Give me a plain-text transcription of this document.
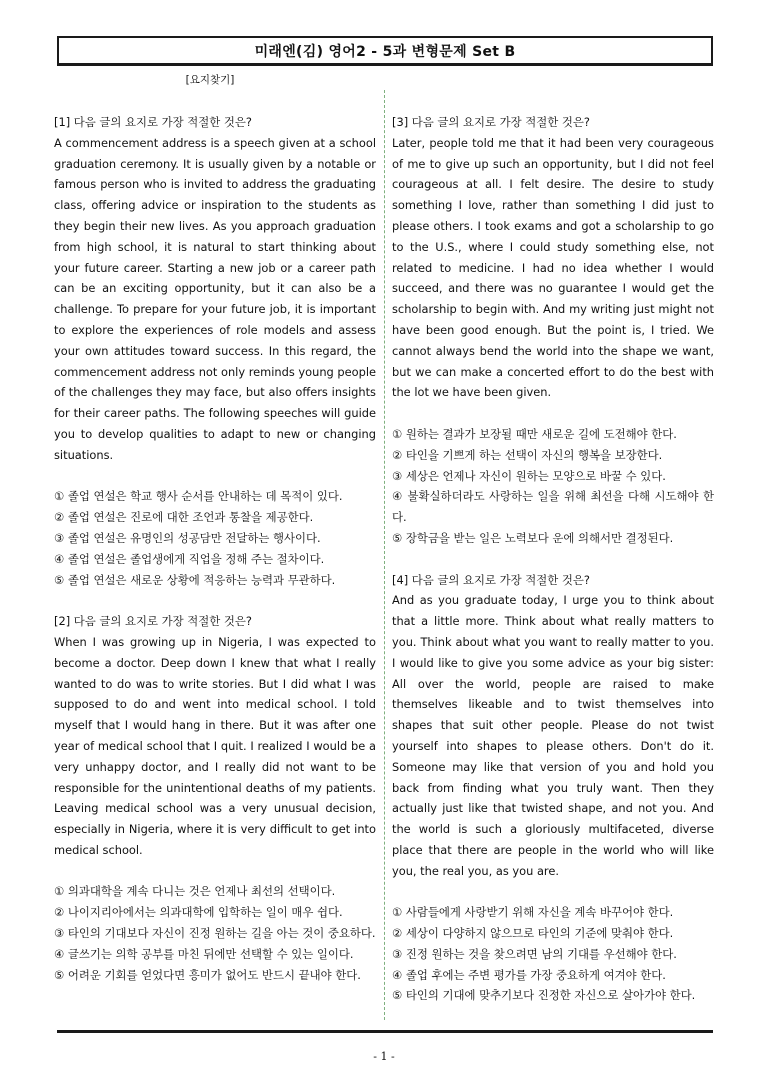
미래엔(김) 영어2 - 5과 변형문제 Set B
[요지찾기]

[1] 다음 글의 요지로 가장 적절한 것은?

A commencement address is a speech given at a school graduation ceremony. It is usually given by a notable or famous person who is invited to address the graduating class, offering advice or inspiration to the students as they begin their new lives. As you approach graduation from high school, it is natural to start thinking about your future career. Starting a new job or a career path can be an exciting opportunity, but it can also be a challenge. To prepare for your future job, it is important to explore the experiences of role models and assess your own attitudes toward success. In this regard, the commencement address not only reminds young people of the challenges they may face, but also offers insights for their career paths. The following speeches will guide you to develop qualities to adapt to new or changing situations.

① 졸업 연설은 학교 행사 순서를 안내하는 데 목적이 있다.
② 졸업 연설은 진로에 대한 조언과 통찰을 제공한다.
③ 졸업 연설은 유명인의 성공담만 전달하는 행사이다.
④ 졸업 연설은 졸업생에게 직업을 정해 주는 절차이다.
⑤ 졸업 연설은 새로운 상황에 적응하는 능력과 무관하다.

[2] 다음 글의 요지로 가장 적절한 것은?

When I was growing up in Nigeria, I was expected to become a doctor. Deep down I knew that what I really wanted to do was to write stories. But I did what I was supposed to do and went into medical school. I told myself that I would hang in there. But it was after one year of medical school that I quit. I realized I would be a very unhappy doctor, and I really did not want to be responsible for the unintentional deaths of my patients. Leaving medical school was a very unusual decision, especially in Nigeria, where it is very difficult to get into medical school.

① 의과대학을 계속 다니는 것은 언제나 최선의 선택이다.
② 나이지리아에서는 의과대학에 입학하는 일이 매우 쉽다.
③ 타인의 기대보다 자신이 진정 원하는 길을 아는 것이 중요하다.
④ 글쓰기는 의학 공부를 마친 뒤에만 선택할 수 있는 일이다.
⑤ 어려운 기회를 얻었다면 흥미가 없어도 반드시 끝내야 한다.

[3] 다음 글의 요지로 가장 적절한 것은?

Later, people told me that it had been very courageous of me to give up such an opportunity, but I did not feel courageous at all. I felt desire. The desire to study something I love, rather than something I did just to please others. I took exams and got a scholarship to go to the U.S., where I could study something else, not related to medicine. I had no idea whether I would succeed, and there was no guarantee I would get the scholarship to begin with. And my writing just might not have been good enough. But the point is, I tried. We cannot always bend the world into the shape we want, but we can make a concerted effort to do the best with the lot we have been given.

① 원하는 결과가 보장될 때만 새로운 길에 도전해야 한다.
② 타인을 기쁘게 하는 선택이 자신의 행복을 보장한다.
③ 세상은 언제나 자신이 원하는 모양으로 바꿀 수 있다.
④ 불확실하더라도 사랑하는 일을 위해 최선을 다해 시도해야 한다.
⑤ 장학금을 받는 일은 노력보다 운에 의해서만 결정된다.

[4] 다음 글의 요지로 가장 적절한 것은?

And as you graduate today, I urge you to think about that a little more. Think about what really matters to you. Think about what you want to really matter to you. I would like to give you some advice as your big sister: All over the world, people are raised to make themselves likeable and to twist themselves into shapes that suit other people. Please do not twist yourself into shapes to please others. Don't do it. Someone may like that version of you and hold you back from finding what you truly want. Then they actually just like that twisted shape, and not you. And the world is such a gloriously multifaceted, diverse place that there are people in the world who will like you, the real you, as you are.

① 사람들에게 사랑받기 위해 자신을 계속 바꾸어야 한다.
② 세상이 다양하지 않으므로 타인의 기준에 맞춰야 한다.
③ 진정 원하는 것을 찾으려면 남의 기대를 우선해야 한다.
④ 졸업 후에는 주변 평가를 가장 중요하게 여겨야 한다.
⑤ 타인의 기대에 맞추기보다 진정한 자신으로 살아가야 한다.
- 1 -
